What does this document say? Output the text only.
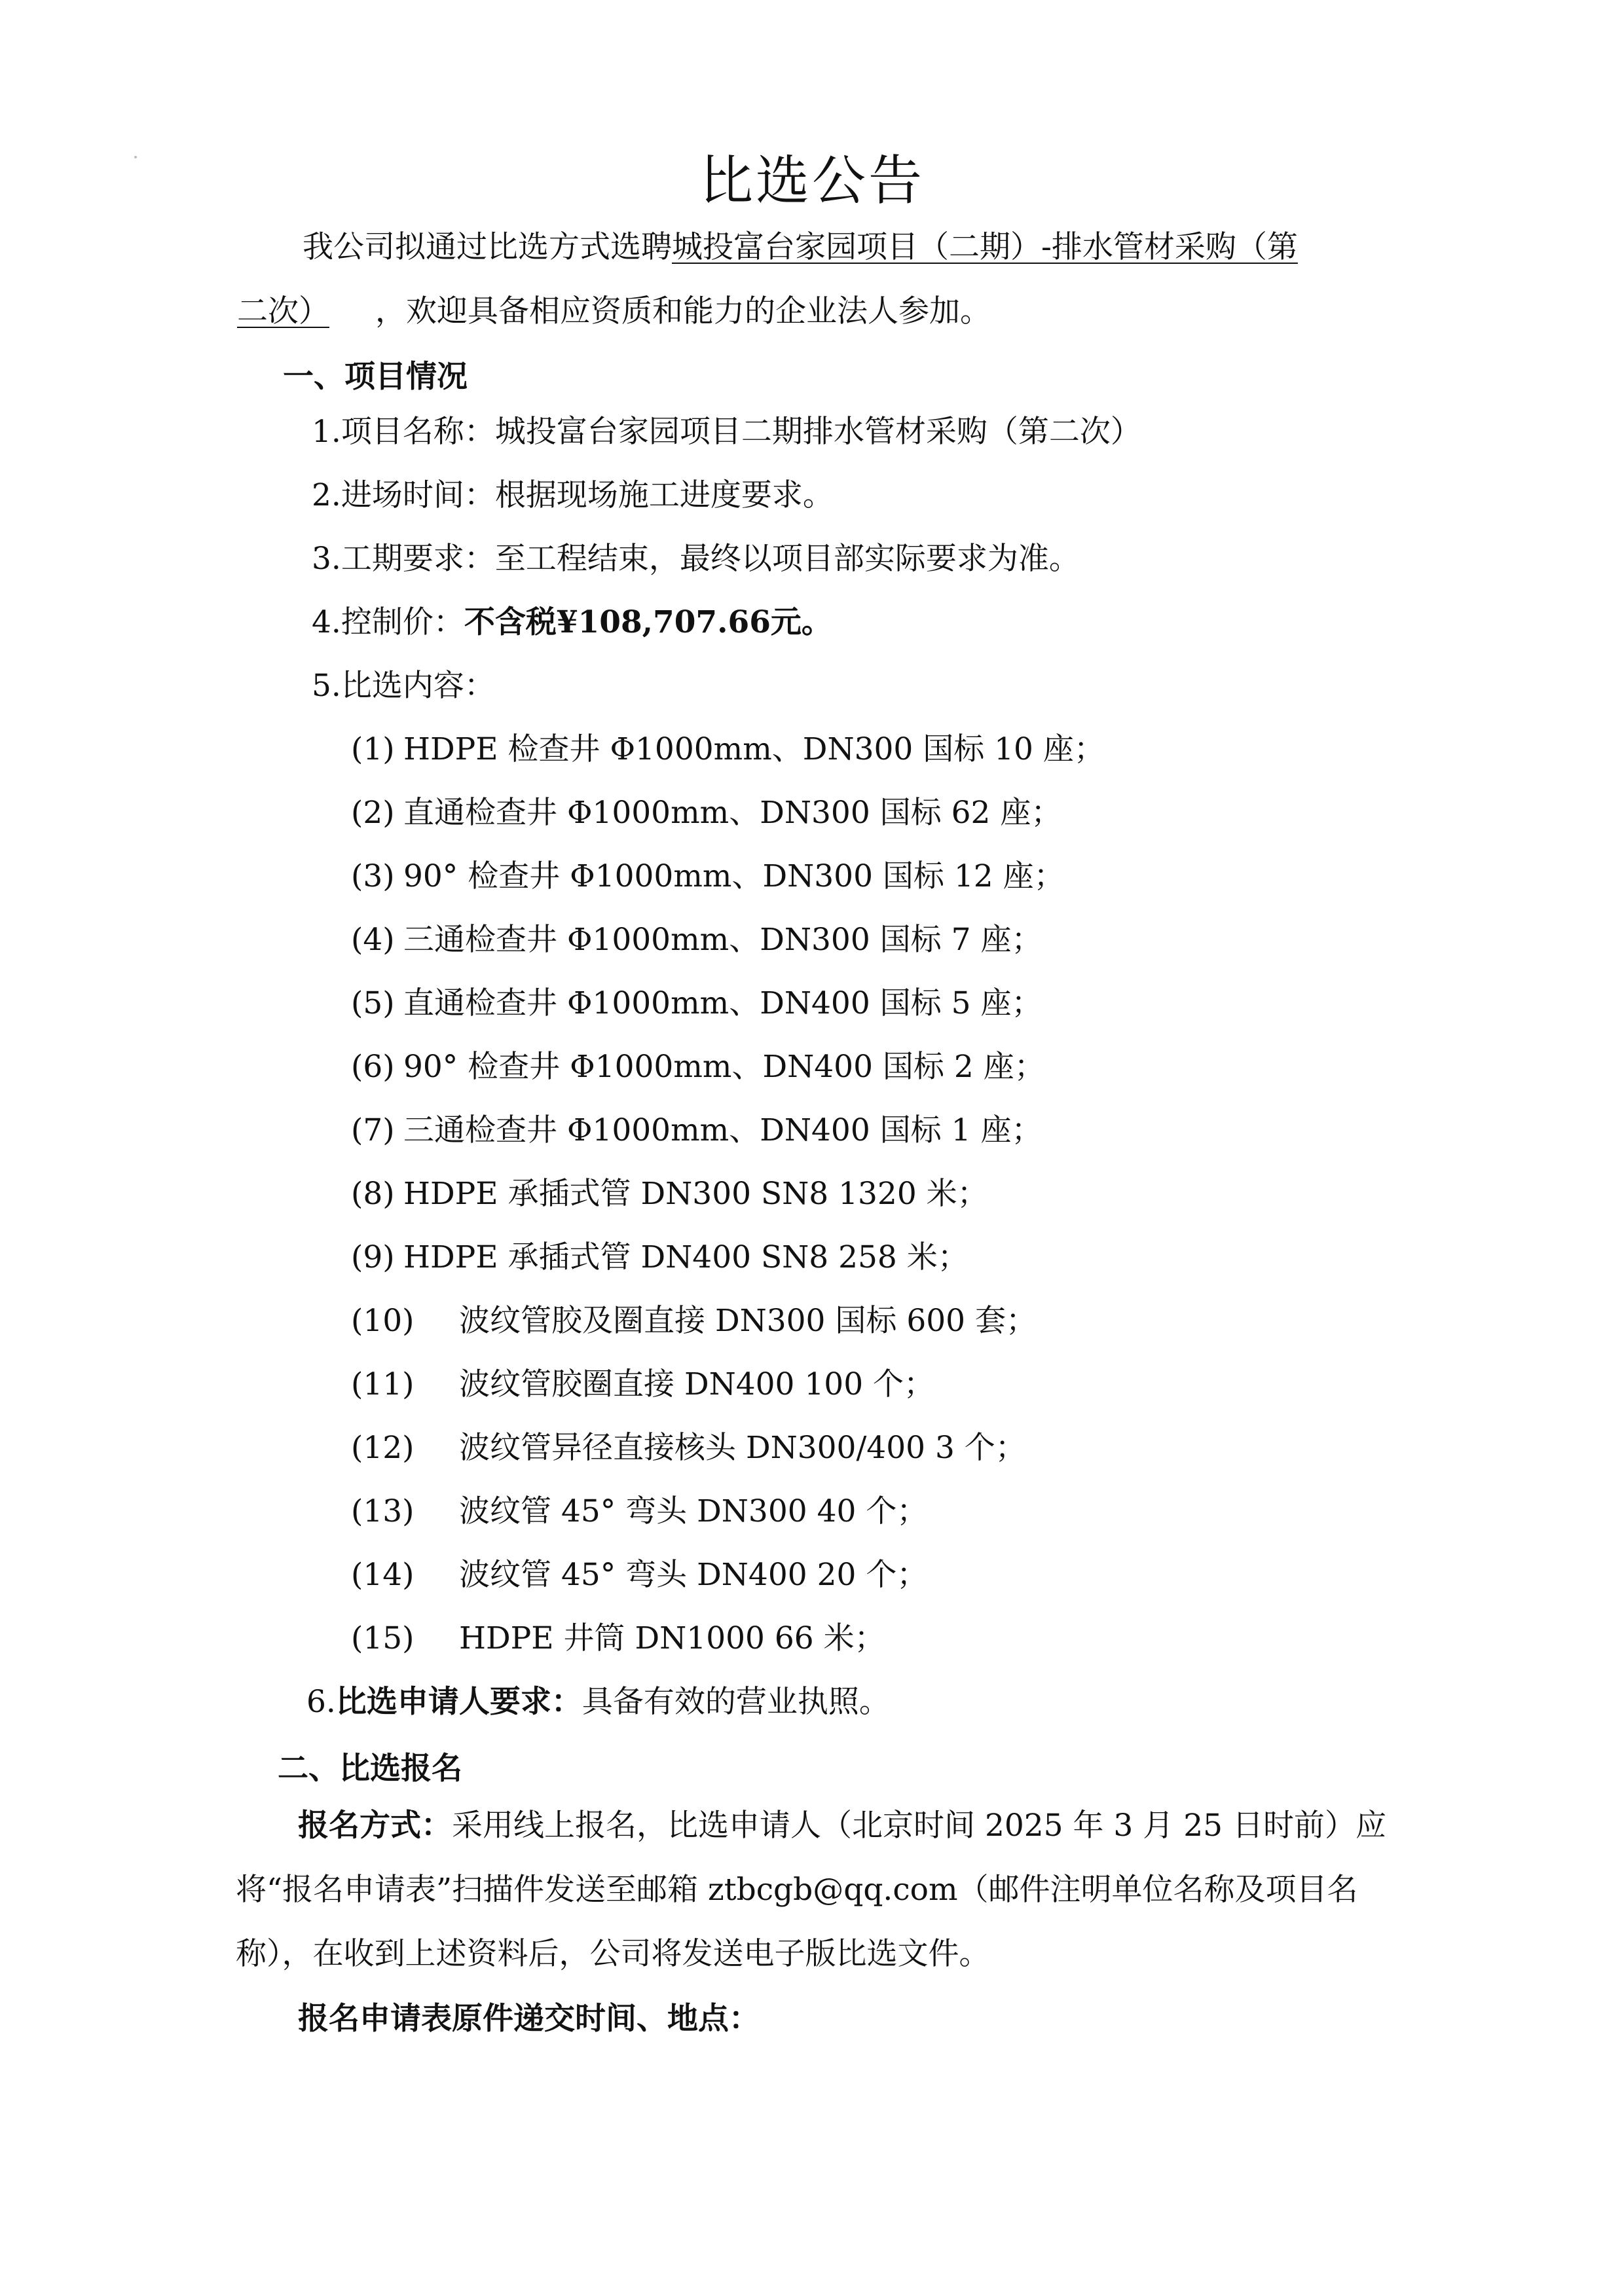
比选公告
我公司拟通过比选方式选聘城投富台家园项目（二期）-排水管材采购（第
二次） ，欢迎具备相应资质和能力的企业法人参加。
一、项目情况
1.项目名称：城投富台家园项目二期排水管材采购（第二次）
2.进场时间：根据现场施工进度要求。
3.工期要求：至工程结束，最终以项目部实际要求为准。
4.控制价：不含税¥108,707.66元。
5.比选内容：
(1) HDPE 检查井 Φ1000mm、DN300 国标 10 座；
(2) 直通检查井 Φ1000mm、DN300 国标 62 座；
(3) 90° 检查井 Φ1000mm、DN300 国标 12 座；
(4) 三通检查井 Φ1000mm、DN300 国标 7 座；
(5) 直通检查井 Φ1000mm、DN400 国标 5 座；
(6) 90° 检查井 Φ1000mm、DN400 国标 2 座；
(7) 三通检查井 Φ1000mm、DN400 国标 1 座；
(8) HDPE 承插式管 DN300 SN8 1320 米；
(9) HDPE 承插式管 DN400 SN8 258 米；
(10) 波纹管胶及圈直接 DN300 国标 600 套；
(11) 波纹管胶圈直接 DN400 100 个；
(12) 波纹管异径直接核头 DN300/400 3 个；
(13) 波纹管 45° 弯头 DN300 40 个；
(14) 波纹管 45° 弯头 DN400 20 个；
(15) HDPE 井筒 DN1000 66 米；
6.比选申请人要求：具备有效的营业执照。
二、比选报名
报名方式：采用线上报名，比选申请人（北京时间 2025 年 3 月 25 日时前）应将“报名申请表”扫描件发送至邮箱 ztbcgb@qq.com（邮件注明单位名称及项目名称），在收到上述资料后，公司将发送电子版比选文件。
报名申请表原件递交时间、地点：
